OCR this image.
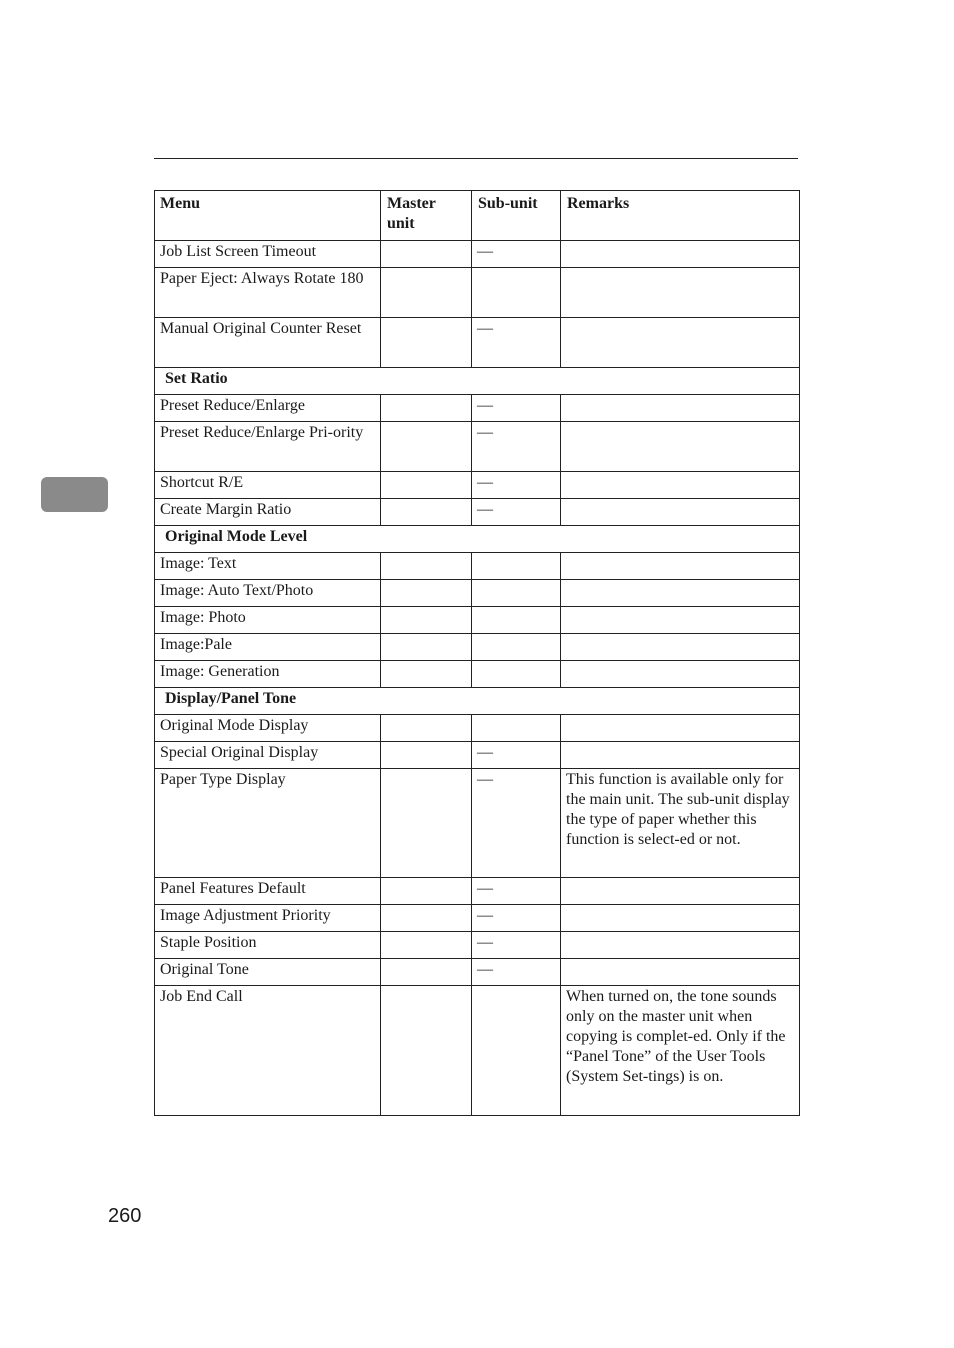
Menu	Master unit	Sub-unit	Remarks
Job List Screen Timeout		—	
Paper Eject: Always Rotate 180			
Manual Original Counter Reset		—	
Set Ratio			
Preset Reduce/Enlarge		—	
Preset Reduce/Enlarge Pri-ority		—	
Shortcut R/E		—	
Create Margin Ratio		—	
Original Mode Level			
Image: Text			
Image: Auto Text/Photo			
Image: Photo			
Image:Pale			
Image: Generation			
Display/Panel Tone			
Original Mode Display			
Special Original Display		—	
Paper Type Display		—	This function is available only for the main unit. The sub-unit display the type of paper whether this function is select-ed or not.
Panel Features Default		—	
Image Adjustment Priority		—	
Staple Position		—	
Original Tone		—	
Job End Call			When turned on, the tone sounds only on the master unit when copying is complet-ed. Only if the “Panel Tone” of the User Tools (System Set-tings) is on.
260
